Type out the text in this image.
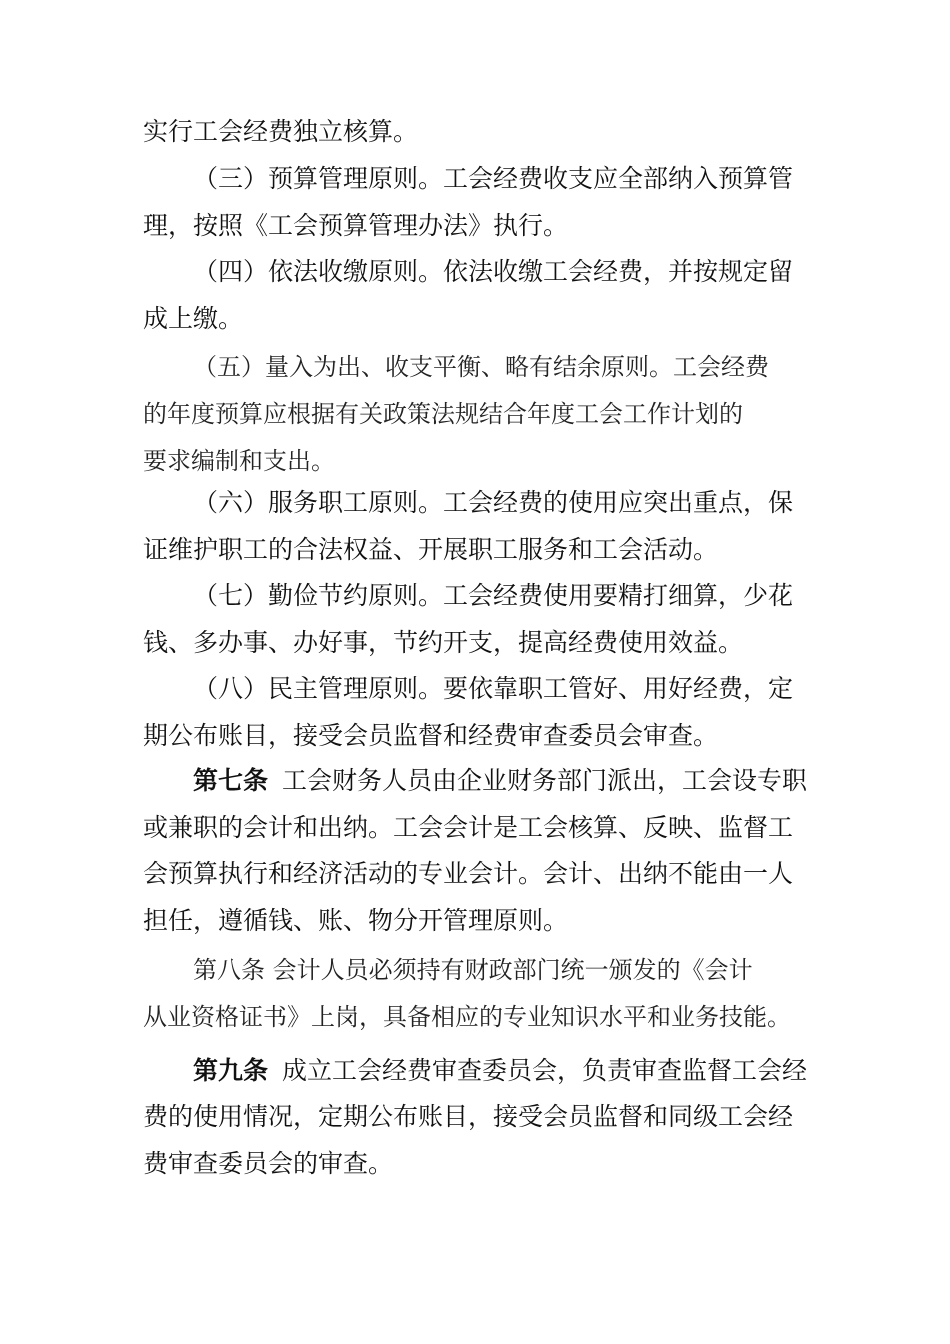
实行工会经费独立核算。

（三）预算管理原则。工会经费收支应全部纳入预算管

理，按照《工会预算管理办法》执行。

（四）依法收缴原则。依法收缴工会经费，并按规定留

成上缴。

（五）量入为出、收支平衡、略有结余原则。工会经费

的年度预算应根据有关政策法规结合年度工会工作计划的

要求编制和支出。

（六）服务职工原则。工会经费的使用应突出重点，保

证维护职工的合法权益、开展职工服务和工会活动。

（七）勤俭节约原则。工会经费使用要精打细算，少花

钱、多办事、办好事，节约开支，提高经费使用效益。

（八）民主管理原则。要依靠职工管好、用好经费，定

期公布账目，接受会员监督和经费审查委员会审查。

第七条 工会财务人员由企业财务部门派出，工会设专职

或兼职的会计和出纳。工会会计是工会核算、反映、监督工

会预算执行和经济活动的专业会计。会计、出纳不能由一人

担任，遵循钱、账、物分开管理原则。

第八条 会计人员必须持有财政部门统一颁发的《会计

从业资格证书》上岗，具备相应的专业知识水平和业务技能。

第九条 成立工会经费审查委员会，负责审查监督工会经

费的使用情况，定期公布账目，接受会员监督和同级工会经

费审查委员会的审查。
